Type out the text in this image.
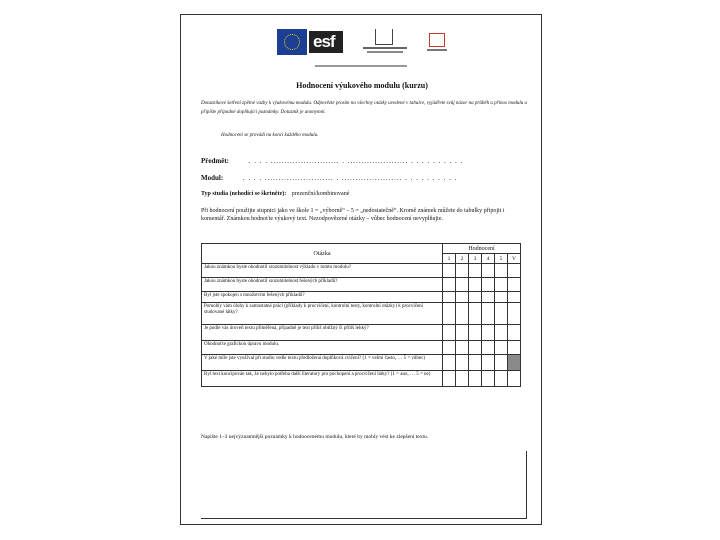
esf
Hodnocení výukového modulu (kurzu)
Dotazníkové šetření zpětné vazby k výukovému modulu. Odpovězte prosím na všechny otázky uvedené v tabulce, vyjádřete svůj názor na průběh a přínos modulu a připište případné doplňující poznámky. Dotazník je anonymní.
Hodnocení se provádí na konci každého modulu.
Předmět:	. . . . ......................... . ...................... . . . . . . . . . .
Modul:	. . . . ......................... . ...................... . . . . . . . . . .
Typ studia (nehodící se škrtněte): prezenční/kombinované
Při hodnocení použijte stupnici jako ve škole 1 = „výborně“ – 5 = „nedostatečně“. Kromě známek můžete do tabulky připojit i komentář. Známkou hodnoťte výukový text. Nezodpovězené otázky – vůbec hodnocení nevyplňujte.
Otázka	Hodnocení					
	1	2	3	4	5	V
Jakou známkou byste ohodnotil srozumitelnost výkladu v tomto modulu?						
Jakou známkou byste ohodnotil srozumitelnost řešených příkladů?						
Byl jste spokojen s množstvím řešených příkladů?						
Pomohly vám úlohy k samostatné práci (příklady k procvičení, kontrolní testy, kontrolní otázky) k procvičení studované látky?						
Je podle vás úroveň textu přiměřená, případně je text příliš obtížný či příliš lehký?						
Ohodnoťte grafickou úpravu modulu.						
V jaké míře jste využíval při studiu vedle textu předložená doplňková cvičení? (1 = velmi často, … 5 = vůbec)						
Byl text koncipován tak, že nebylo potřeba další literatury pro pochopení a procvičení látky? (1 = ano, … 5 = ne)						
Napište 1–3 nejvýznamnější poznámky k hodnocenému modulu, které by mohly vést ke zlepšení textu.
